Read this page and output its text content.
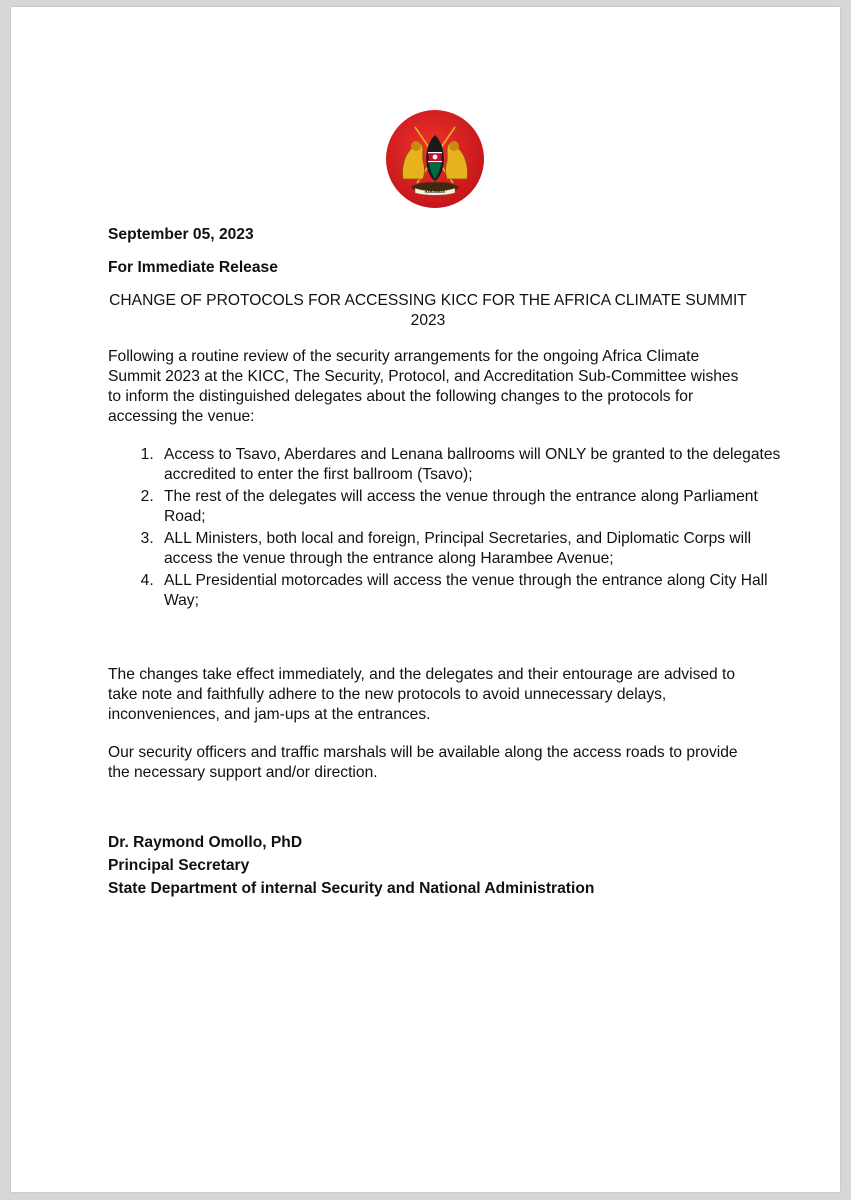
HARAMBEE
September 05, 2023
For Immediate Release
CHANGE OF PROTOCOLS FOR ACCESSING KICC FOR THE AFRICA CLIMATE SUMMIT 2023
Following a routine review of the security arrangements for the ongoing Africa Climate Summit 2023 at the KICC, The Security, Protocol, and Accreditation Sub-Committee wishes to inform the distinguished delegates about the following changes to the protocols for accessing the venue:
1. Access to Tsavo, Aberdares and Lenana ballrooms will ONLY be granted to the delegates accredited to enter the first ballroom (Tsavo);
2. The rest of the delegates will access the venue through the entrance along Parliament Road;
3. ALL Ministers, both local and foreign, Principal Secretaries, and Diplomatic Corps will access the venue through the entrance along Harambee Avenue;
4. ALL Presidential motorcades will access the venue through the entrance along City Hall Way;
The changes take effect immediately, and the delegates and their entourage are advised to take note and faithfully adhere to the new protocols to avoid unnecessary delays, inconveniences, and jam-ups at the entrances.
Our security officers and traffic marshals will be available along the access roads to provide the necessary support and/or direction.
Dr. Raymond Omollo, PhD
Principal Secretary
State Department of internal Security and National Administration
